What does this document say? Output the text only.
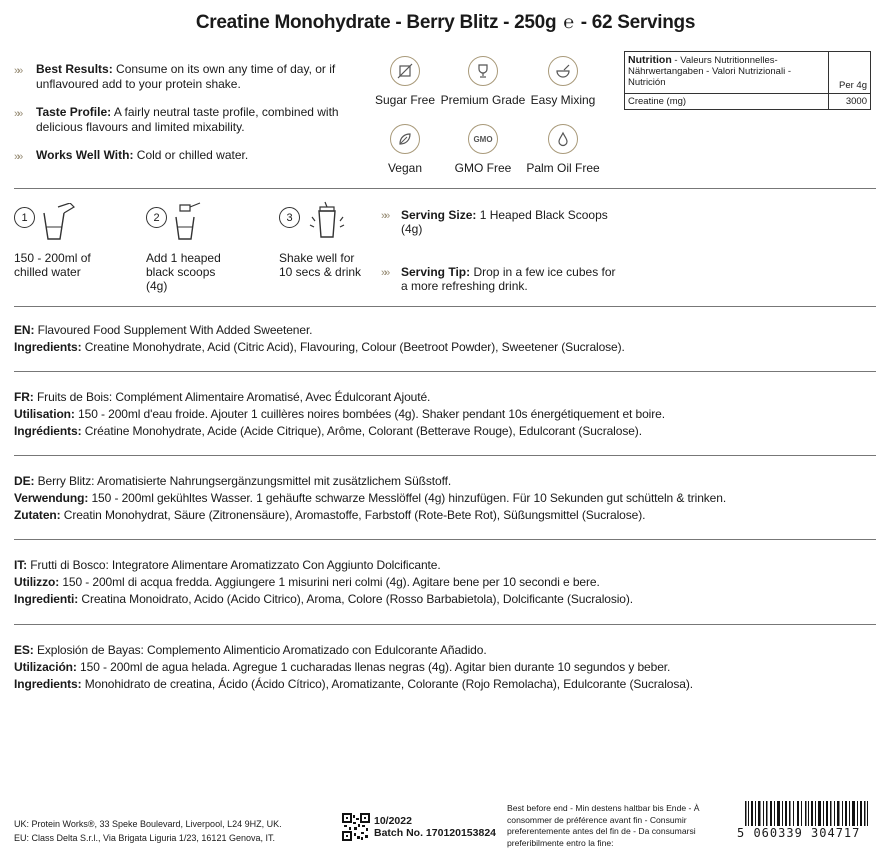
Creatine Monohydrate - Berry Blitz - 250g ℮ - 62 Servings
»» Best Results: Consume on its own any time of day, or if unflavoured add to your protein shake.
»» Taste Profile: A fairly neutral taste profile, combined with delicious flavours and limited mixability.
»» Works Well With: Cold or chilled water.
Sugar Free Premium Grade Easy Mixing
Vegan
GMO
GMO Free	Palm Oil Free
Nutrition - Valeurs Nutritionnelles- Nährwertangaben - Valori Nutrizionali - Nutrición	Per 4g
Creatine (mg)	3000
1
150 - 200ml of chilled water
2
Add 1 heaped black scoops (4g)
3
Shake well for 10 secs & drink
»» Serving Size: 1 Heaped Black Scoops (4g)
»» Serving Tip: Drop in a few ice cubes for a more refreshing drink.
EN: Flavoured Food Supplement With Added Sweetener.
Ingredients: Creatine Monohydrate, Acid (Citric Acid), Flavouring, Colour (Beetroot Powder), Sweetener (Sucralose).
FR: Fruits de Bois: Complément Alimentaire Aromatisé, Avec Édulcorant Ajouté.
Utilisation: 150 - 200ml d'eau froide. Ajouter 1 cuillères noires bombées (4g). Shaker pendant 10s énergétiquement et boire.
Ingrédients: Créatine Monohydrate, Acide (Acide Citrique), Arôme, Colorant (Betterave Rouge), Edulcorant (Sucralose).
DE: Berry Blitz: Aromatisierte Nahrungsergänzungsmittel mit zusätzlichem Süßstoff.
Verwendung: 150 - 200ml gekühltes Wasser. 1 gehäufte schwarze Messlöffel (4g) hinzufügen. Für 10 Sekunden gut schütteln & trinken.
Zutaten: Creatin Monohydrat, Säure (Zitronensäure), Aromastoffe, Farbstoff (Rote-Bete Rot), Süßungsmittel (Sucralose).
IT: Frutti di Bosco: Integratore Alimentare Aromatizzato Con Aggiunto Dolcificante.
Utilizzo: 150 - 200ml di acqua fredda. Aggiungere 1 misurini neri colmi (4g). Agitare bene per 10 secondi e bere.
Ingredienti: Creatina Monoidrato, Acido (Acido Citrico), Aroma, Colore (Rosso Barbabietola), Dolcificante (Sucralosio).
ES: Explosión de Bayas: Complemento Alimenticio Aromatizado con Edulcorante Añadido.
Utilización: 150 - 200ml de agua helada. Agregue 1 cucharadas llenas negras (4g). Agitar bien durante 10 segundos y beber.
Ingredients: Monohidrato de creatina, Ácido (Ácido Cítrico), Aromatizante, Colorante (Rojo Remolacha), Edulcorante (Sucralosa).
UK: Protein Works®, 33 Speke Boulevard, Liverpool, L24 9HZ, UK.
EU: Class Delta S.r.l., Via Brigata Liguria 1/23, 16121 Genova, IT.
10/2022
Batch No. 170120153824
Best before end - Min destens haltbar bis Ende - À consommer de préférence avant fin - Consumir preferentemente antes del fin de - Da consumarsi preferibilmente entro la fine:
5 060339 304717
